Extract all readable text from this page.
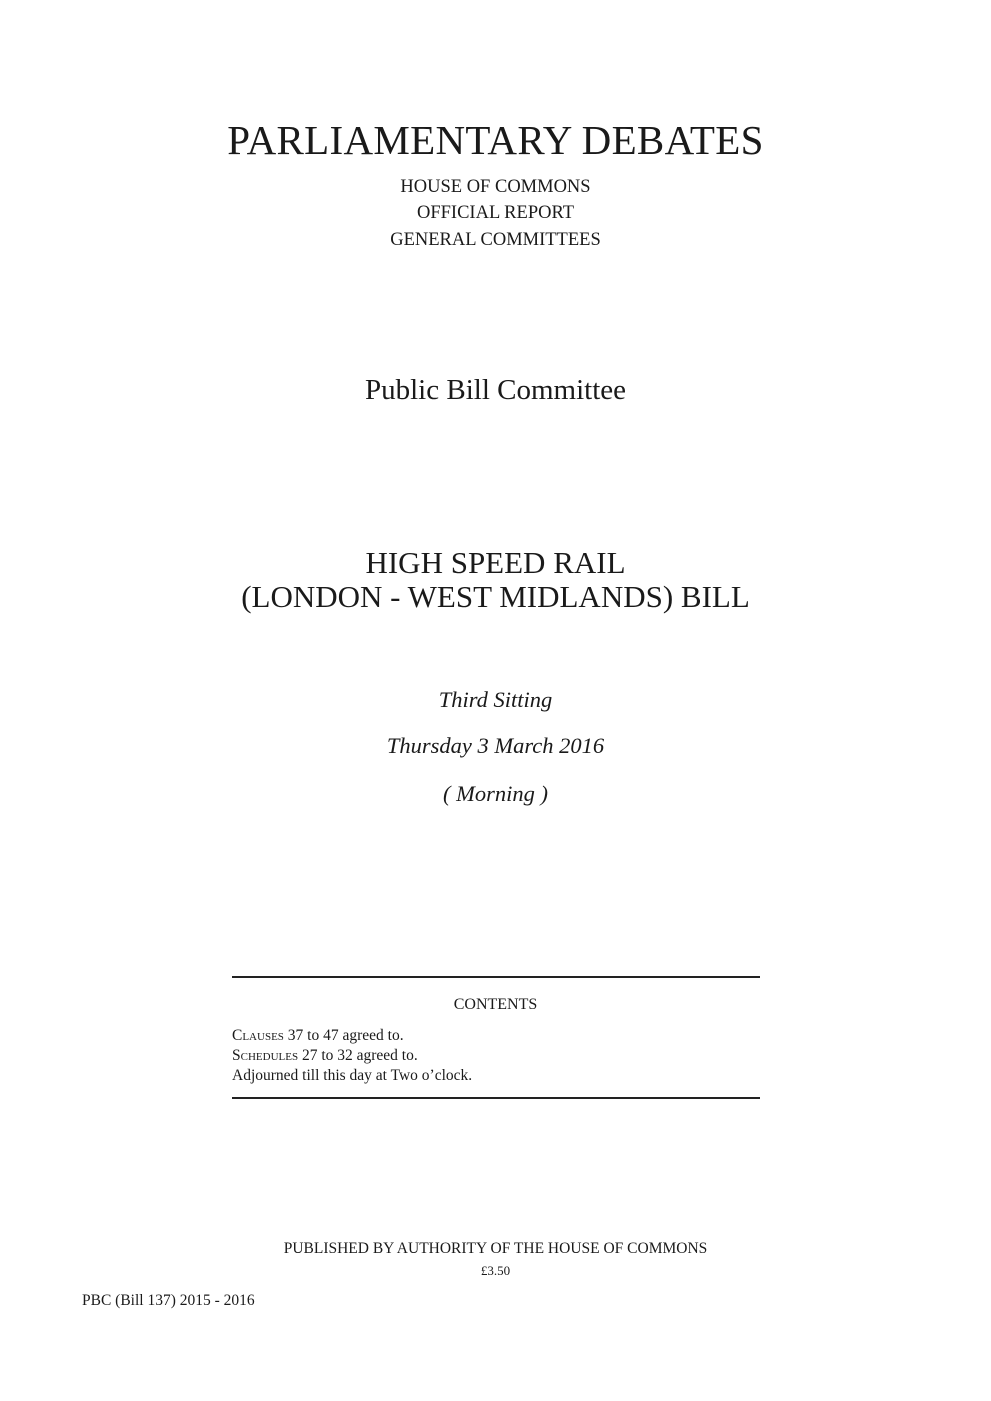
PARLIAMENTARY DEBATES
HOUSE OF COMMONS
OFFICIAL REPORT
GENERAL COMMITTEES
Public Bill Committee
HIGH SPEED RAIL
(LONDON - WEST MIDLANDS) BILL
Third Sitting
Thursday 3 March 2016
( Morning )
CONTENTS
Clauses 37 to 47 agreed to.
Schedules 27 to 32 agreed to.
Adjourned till this day at Two o’clock.
PUBLISHED BY AUTHORITY OF THE HOUSE OF COMMONS
£3.50
PBC (Bill 137) 2015 - 2016
